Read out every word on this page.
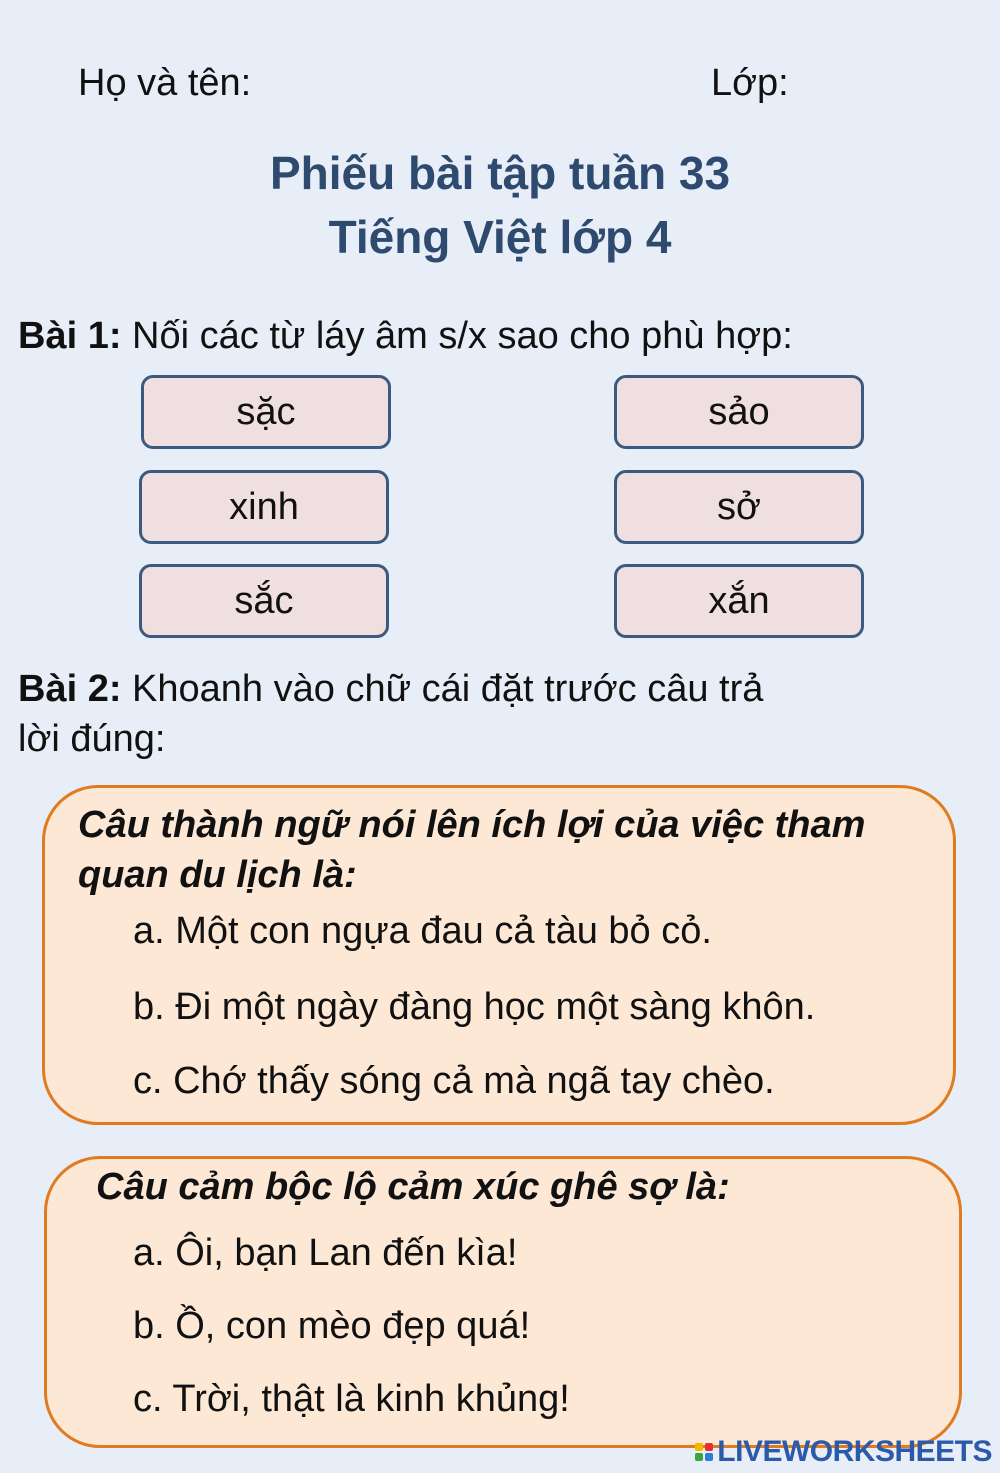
Họ và tên:	Lớp:
Phiếu bài tập tuần 33
Tiếng Việt lớp 4
Bài 1: Nối các từ láy âm s/x sao cho phù hợp:
sặc
xinh
sắc
sảo
sở
xắn
Bài 2: Khoanh vào chữ cái đặt trước câu trả
lời đúng:
Câu thành ngữ nói lên ích lợi của việc tham
quan du lịch là:
a. Một con ngựa đau cả tàu bỏ cỏ.
b. Đi một ngày đàng học một sàng khôn.
c. Chớ thấy sóng cả mà ngã tay chèo.
Câu cảm bộc lộ cảm xúc ghê sợ là:
a. Ôi, bạn Lan đến kìa!
b. Ồ, con mèo đẹp quá!
c. Trời, thật là kinh khủng!
LIVEWORKSHEETS
